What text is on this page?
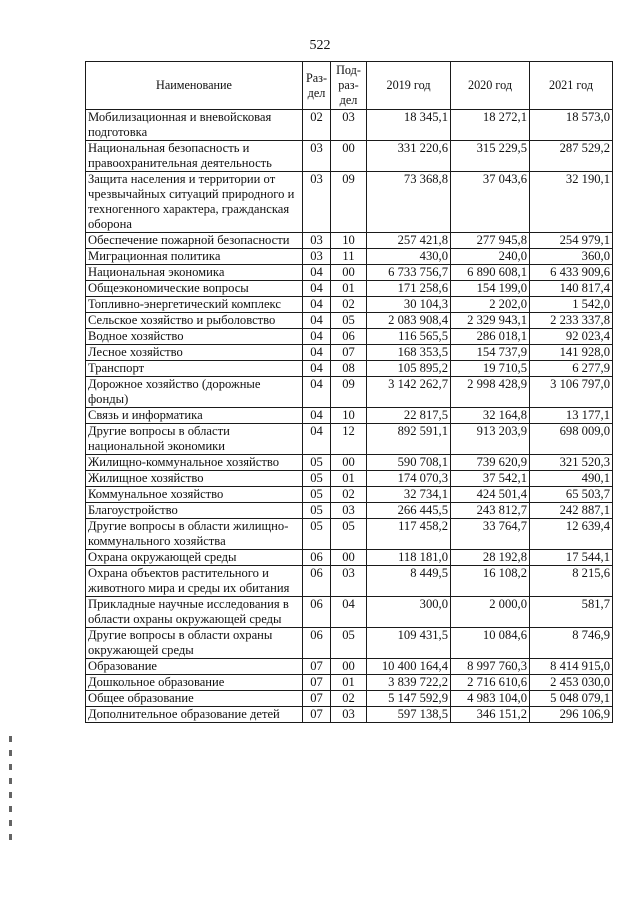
522
Наименование	Раз-дел	Под-раз-дел	2019 год	2020 год	2021 год
Мобилизационная и вневойсковая подготовка	02	03	18 345,1	18 272,1	18 573,0
Национальная безопасность и правоохранительная деятельность	03	00	331 220,6	315 229,5	287 529,2
Защита населения и территории от чрезвычайных ситуаций природного и техногенного характера, гражданская оборона	03	09	73 368,8	37 043,6	32 190,1
Обеспечение пожарной безопасности	03	10	257 421,8	277 945,8	254 979,1
Миграционная политика	03	11	430,0	240,0	360,0
Национальная экономика	04	00	6 733 756,7	6 890 608,1	6 433 909,6
Общеэкономические вопросы	04	01	171 258,6	154 199,0	140 817,4
Топливно-энергетический комплекс	04	02	30 104,3	2 202,0	1 542,0
Сельское хозяйство и рыболовство	04	05	2 083 908,4	2 329 943,1	2 233 337,8
Водное хозяйство	04	06	116 565,5	286 018,1	92 023,4
Лесное хозяйство	04	07	168 353,5	154 737,9	141 928,0
Транспорт	04	08	105 895,2	19 710,5	6 277,9
Дорожное хозяйство (дорожные фонды)	04	09	3 142 262,7	2 998 428,9	3 106 797,0
Связь и информатика	04	10	22 817,5	32 164,8	13 177,1
Другие вопросы в области национальной экономики	04	12	892 591,1	913 203,9	698 009,0
Жилищно-коммунальное хозяйство	05	00	590 708,1	739 620,9	321 520,3
Жилищное хозяйство	05	01	174 070,3	37 542,1	490,1
Коммунальное хозяйство	05	02	32 734,1	424 501,4	65 503,7
Благоустройство	05	03	266 445,5	243 812,7	242 887,1
Другие вопросы в области жилищно-коммунального хозяйства	05	05	117 458,2	33 764,7	12 639,4
Охрана окружающей среды	06	00	118 181,0	28 192,8	17 544,1
Охрана объектов растительного и животного мира и среды их обитания	06	03	8 449,5	16 108,2	8 215,6
Прикладные научные исследования в области охраны окружающей среды	06	04	300,0	2 000,0	581,7
Другие вопросы в области охраны окружающей среды	06	05	109 431,5	10 084,6	8 746,9
Образование	07	00	10 400 164,4	8 997 760,3	8 414 915,0
Дошкольное образование	07	01	3 839 722,2	2 716 610,6	2 453 030,0
Общее образование	07	02	5 147 592,9	4 983 104,0	5 048 079,1
Дополнительное образование детей	07	03	597 138,5	346 151,2	296 106,9
